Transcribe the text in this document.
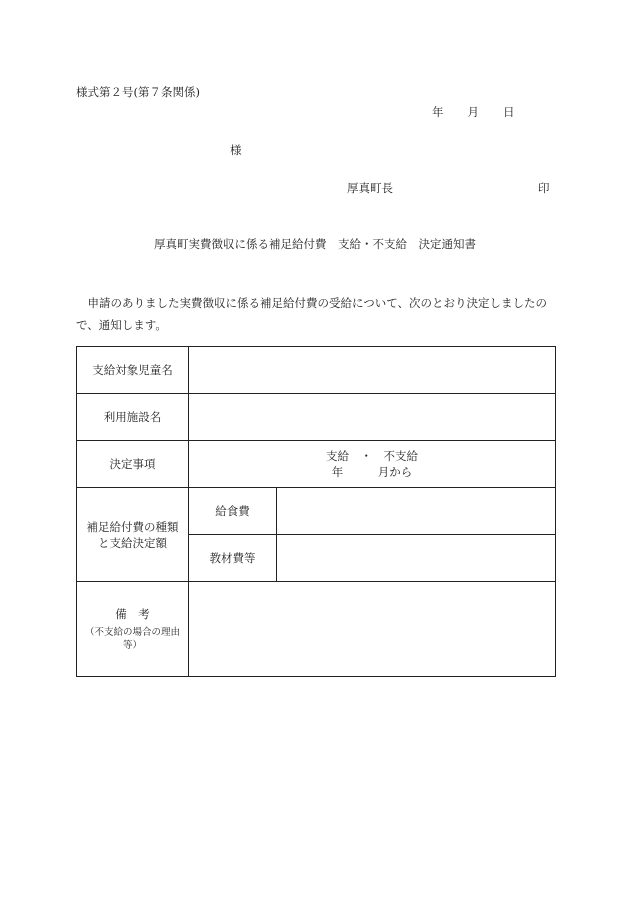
様式第２号(第７条関係)
年 月 日
様
厚真町長	印
厚真町実費徴収に係る補足給付費　支給・不支給　決定通知書
申請のありました実費徴収に係る補足給付費の受給について、次のとおり決定しましたので、通知します。
支給対象児童名		
利用施設名		
決定事項	支給　・　不支給
年　　　月から	

補足給付費の種類
と支給決定額	給食費	
	教材費等	

備　考
（不支給の場合の理由
等）		
